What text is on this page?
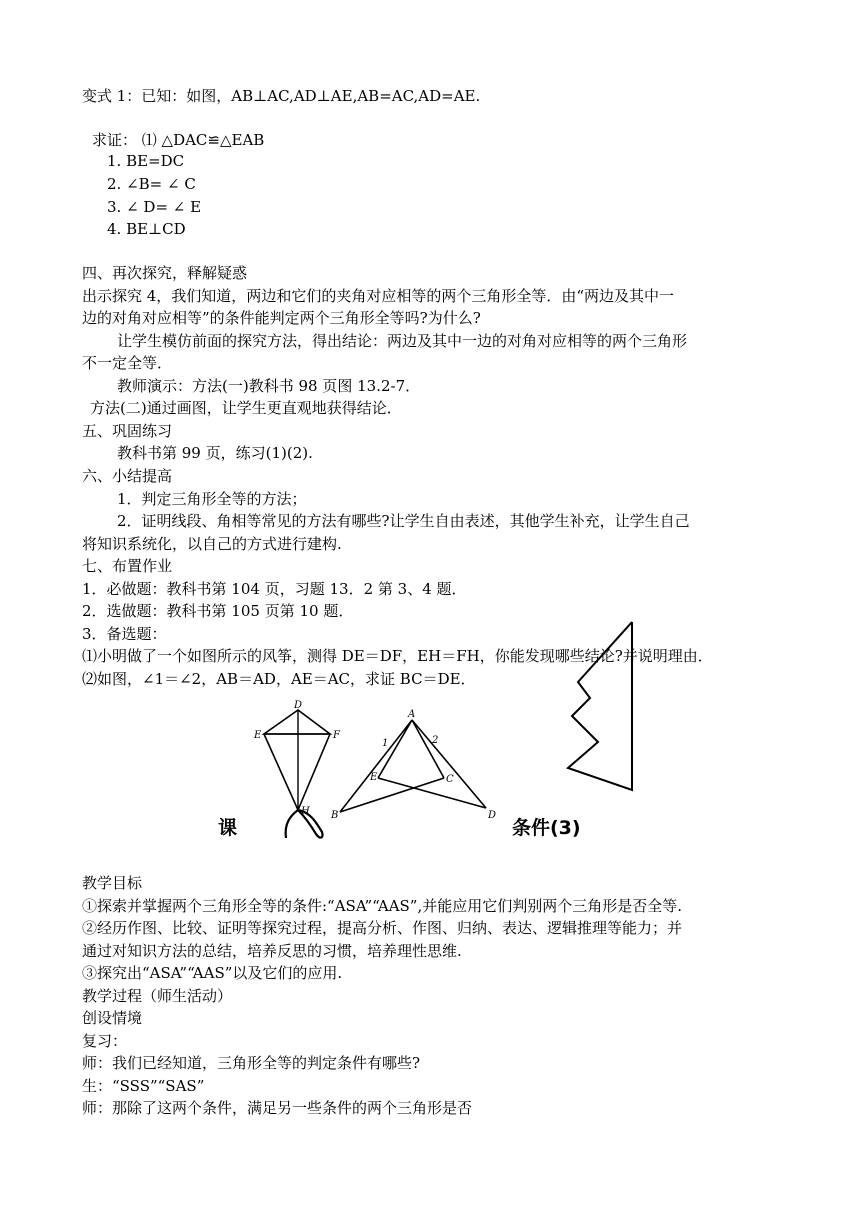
变式 1：已知：如图，AB⊥AC,AD⊥AE,AB=AC,AD=AE.
求证： ⑴ △DAC≌△EAB
1. BE=DC
2. ∠B= ∠ C
3. ∠ D= ∠ E
4. BE⊥CD
四、再次探究，释解疑惑
出示探究 4，我们知道，两边和它们的夹角对应相等的两个三角形全等．由“两边及其中一
边的对角对应相等”的条件能判定两个三角形全等吗?为什么?
让学生模仿前面的探究方法，得出结论：两边及其中一边的对角对应相等的两个三角形
不一定全等．
教师演示：方法(一)教科书 98 页图 13.2-7．
方法(二)通过画图，让学生更直观地获得结论．
五、巩固练习
教科书第 99 页，练习(1)(2).
六、小结提高
1．判定三角形全等的方法；
2．证明线段、角相等常见的方法有哪些?让学生自由表述，其他学生补充，让学生自己
将知识系统化，以自己的方式进行建构.
七、布置作业
1．必做题：教科书第 104 页，习题 13．2 第 3、4 题．
2．选做题：教科书第 105 页第 10 题．
3．备选题：
⑴小明做了一个如图所示的风筝，测得 DE＝DF，EH＝FH，你能发现哪些结论?并说明理由．
⑵如图，∠1＝∠2，AB＝AD，AE＝AC，求证 BC＝DE．
D
E	F
H
A
B
C
D
E
1	2
课	条件(3)
教学目标
①探索并掌握两个三角形全等的条件:“ASA”“AAS”,并能应用它们判别两个三角形是否全等.
②经历作图、比较、证明等探究过程，提高分析、作图、归纳、表达、逻辑推理等能力；并
通过对知识方法的总结，培养反思的习惯，培养理性思维.
③探究出“ASA”“AAS”以及它们的应用.
教学过程（师生活动）
创设情境
复习：
师：我们已经知道，三角形全等的判定条件有哪些?
生：“SSS”“SAS”
师：那除了这两个条件，满足另一些条件的两个三角形是否
